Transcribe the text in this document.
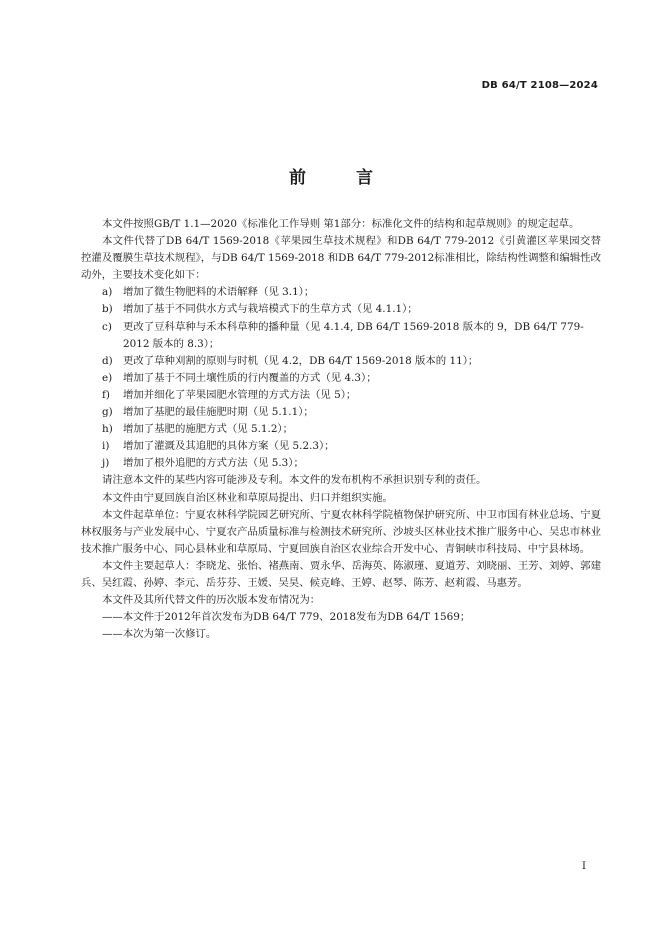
DB 64/T 2108—2024
前 言

本文件按照GB/T 1.1—2020《标准化工作导则 第1部分：标准化文件的结构和起草规则》的规定起草。

本文件代替了DB 64/T 1569-2018《苹果园生草技术规程》和DB 64/T 779-2012《引黄灌区苹果园交替控灌及覆膜生草技术规程》，与DB 64/T 1569-2018 和DB 64/T 779-2012标准相比，除结构性调整和编辑性改动外，主要技术变化如下：

a) 增加了微生物肥料的术语解释（见 3.1）；

b) 增加了基于不同供水方式与栽培模式下的生草方式（见 4.1.1）；

c) 更改了豆科草种与禾本科草种的播种量（见 4.1.4, DB 64/T 1569-2018 版本的 9，DB 64/T 779-2012 版本的 8.3）；

d) 更改了草种刈割的原则与时机（见 4.2，DB 64/T 1569-2018 版本的 11）；

e) 增加了基于不同土壤性质的行内覆盖的方式（见 4.3）；

f) 增加并细化了苹果园肥水管理的方式方法（见 5）；

g) 增加了基肥的最佳施肥时期（见 5.1.1）；

h) 增加了基肥的施肥方式（见 5.1.2）；

i) 增加了灌溉及其追肥的具体方案（见 5.2.3）；

j) 增加了根外追肥的方式方法（见 5.3）；

请注意本文件的某些内容可能涉及专利。本文件的发布机构不承担识别专利的责任。

本文件由宁夏回族自治区林业和草原局提出、归口并组织实施。

本文件起草单位：宁夏农林科学院园艺研究所、宁夏农林科学院植物保护研究所、中卫市国有林业总场、宁夏林权服务与产业发展中心、宁夏农产品质量标准与检测技术研究所、沙坡头区林业技术推广服务中心、吴忠市林业技术推广服务中心、同心县林业和草原局、宁夏回族自治区农业综合开发中心、青铜峡市科技局、中宁县林场。

本文件主要起草人：李晓龙、张怡、褚燕南、贾永华、岳海英、陈淑瑾、夏道芳、刘晓丽、王芳、刘婷、郭建兵、吴红霞、孙婷、李元、岳芬芬、王媛、吴昊、候克峰、王婷、赵琴、陈芳、赵莉霞、马惠芳。

本文件及其所代替文件的历次版本发布情况为：

——本文件于2012年首次发布为DB 64/T 779、2018发布为DB 64/T 1569；

——本次为第一次修订。

I
